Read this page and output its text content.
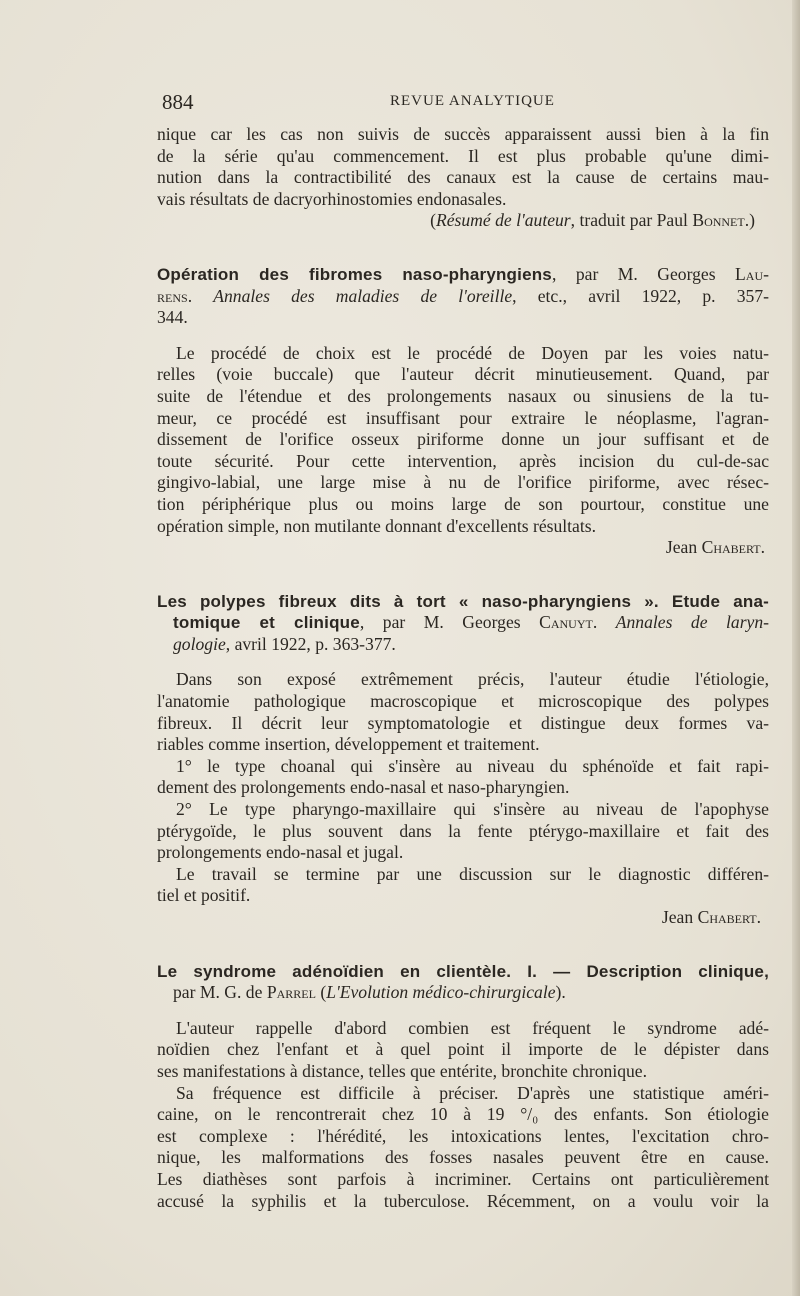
884	REVUE ANALYTIQUE

nique car les cas non suivis de succès apparaissent aussi bien à la fin
de la série qu'au commencement. Il est plus probable qu'une dimi-
nution dans la contractibilité des canaux est la cause de certains mau-
vais résultats de dacryorhinostomies endonasales.

(Résumé de l'auteur, traduit par Paul Bonnet.)

Opération des fibromes naso-pharyngiens, par M. Georges Lau-
rens. Annales des maladies de l'oreille, etc., avril 1922, p. 357-
344.

Le procédé de choix est le procédé de Doyen par les voies natu-
relles (voie buccale) que l'auteur décrit minutieusement. Quand, par
suite de l'étendue et des prolongements nasaux ou sinusiens de la tu-
meur, ce procédé est insuffisant pour extraire le néoplasme, l'agran-
dissement de l'orifice osseux piriforme donne un jour suffisant et de
toute sécurité. Pour cette intervention, après incision du cul-de-sac
gingivo-labial, une large mise à nu de l'orifice piriforme, avec résec-
tion périphérique plus ou moins large de son pourtour, constitue une
opération simple, non mutilante donnant d'excellents résultats.

Jean Chabert.

Les polypes fibreux dits à tort « naso-pharyngiens ». Etude ana-
tomique et clinique, par M. Georges Canuyt. Annales de laryn-
gologie, avril 1922, p. 363-377.

Dans son exposé extrêmement précis, l'auteur étudie l'étiologie,
l'anatomie pathologique macroscopique et microscopique des polypes
fibreux. Il décrit leur symptomatologie et distingue deux formes va-
riables comme insertion, développement et traitement.
1° le type choanal qui s'insère au niveau du sphénoïde et fait rapi-
dement des prolongements endo-nasal et naso-pharyngien.
2° Le type pharyngo-maxillaire qui s'insère au niveau de l'apophyse
ptérygoïde, le plus souvent dans la fente ptérygo-maxillaire et fait des
prolongements endo-nasal et jugal.
Le travail se termine par une discussion sur le diagnostic différen-
tiel et positif.

Jean Chabert.

Le syndrome adénoïdien en clientèle. I. — Description clinique,
par M. G. de Parrel (L'Evolution médico-chirurgicale).

L'auteur rappelle d'abord combien est fréquent le syndrome adé-
noïdien chez l'enfant et à quel point il importe de le dépister dans
ses manifestations à distance, telles que entérite, bronchite chronique.
Sa fréquence est difficile à préciser. D'après une statistique améri-
caine, on le rencontrerait chez 10 à 19 °/₀ des enfants. Son étiologie
est complexe : l'hérédité, les intoxications lentes, l'excitation chro-
nique, les malformations des fosses nasales peuvent être en cause.
Les diathèses sont parfois à incriminer. Certains ont particulièrement
accusé la syphilis et la tuberculose. Récemment, on a voulu voir la
